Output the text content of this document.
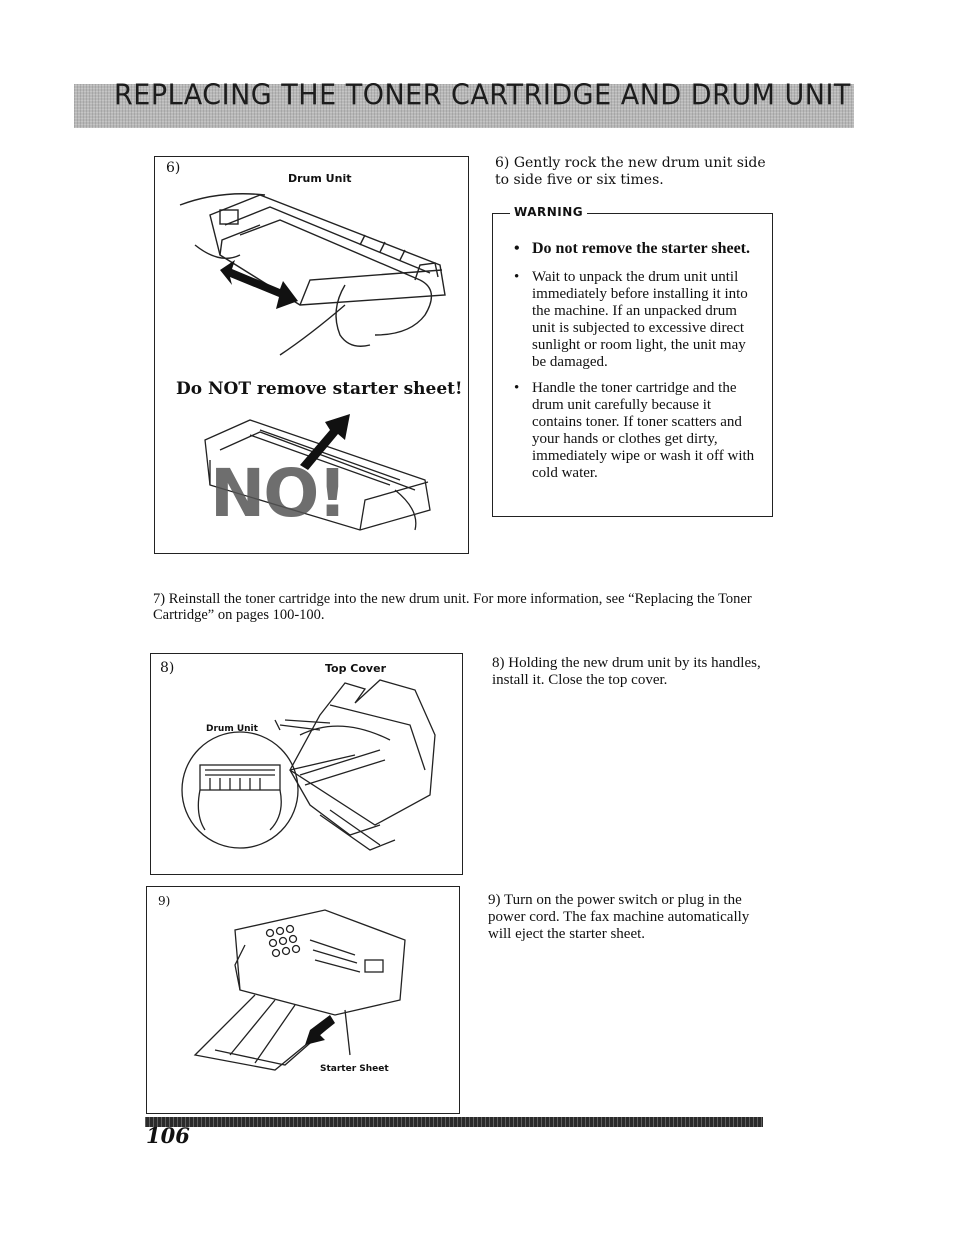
REPLACING THE TONER CARTRIDGE AND DRUM UNIT
6)
Drum Unit
Do NOT remove starter sheet!
NO!
6) Gently rock the new drum unit side to side five or six times.
WARNING
• Do not remove the starter sheet.
• Wait to unpack the drum unit until immediately before installing it into the machine. If an unpacked drum unit is subjected to excessive direct sunlight or room light, the unit may be damaged.
• Handle the toner cartridge and the drum unit carefully because it contains toner. If toner scatters and your hands or clothes get dirty, immediately wipe or wash it off with cold water.
7) Reinstall the toner cartridge into the new drum unit. For more information, see “Replacing the Toner Cartridge” on pages 100-100.
8)	Top Cover
Drum Unit
8) Holding the new drum unit by its handles, install it. Close the top cover.
9)
Starter Sheet
9) Turn on the power switch or plug in the power cord. The fax machine automatically will eject the starter sheet.
106
